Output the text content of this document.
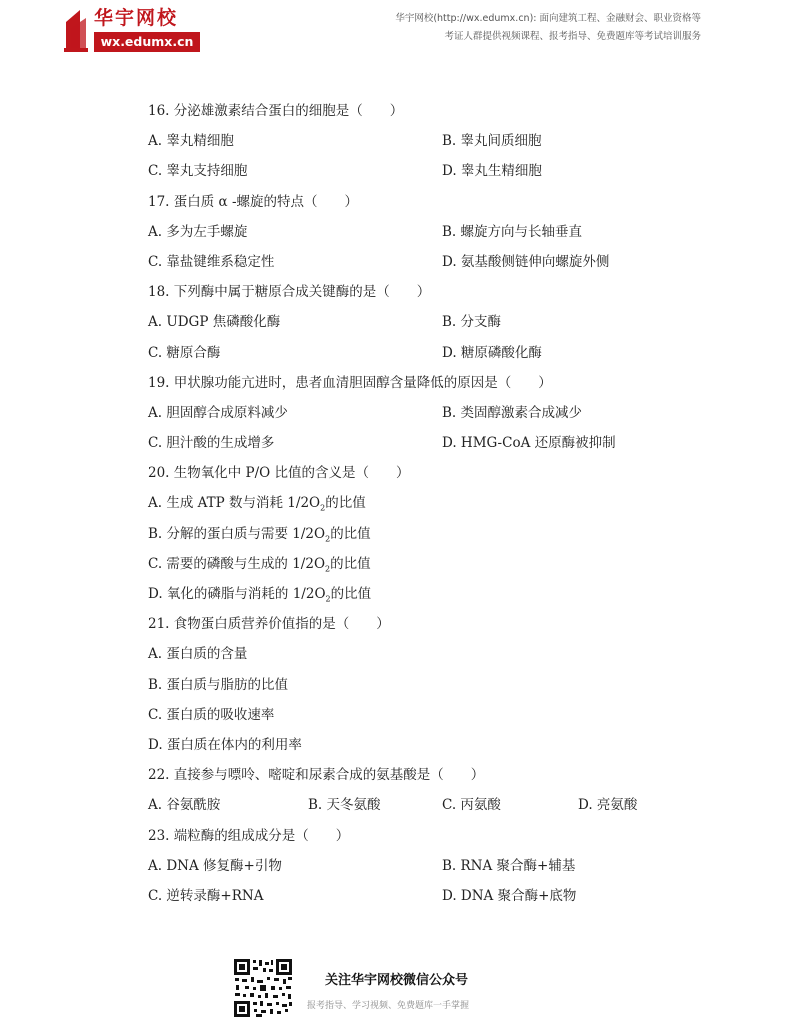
华宇网校
wx.edumx.cn
华宇网校(http://wx.edumx.cn): 面向建筑工程、金融财会、职业资格等
考证人群提供视频课程、报考指导、免费题库等考试培训服务
16. 分泌雄激素结合蛋白的细胞是（　　）
A. 睾丸精细胞	B. 睾丸间质细胞
C. 睾丸支持细胞	D. 睾丸生精细胞
17. 蛋白质 α -螺旋的特点（　　）
A. 多为左手螺旋	B. 螺旋方向与长轴垂直
C. 靠盐键维系稳定性	D. 氨基酸侧链伸向螺旋外侧
18. 下列酶中属于糖原合成关键酶的是（　　）
A. UDGP 焦磷酸化酶	B. 分支酶
C. 糖原合酶	D. 糖原磷酸化酶
19. 甲状腺功能亢进时，患者血清胆固醇含量降低的原因是（　　）
A. 胆固醇合成原料减少	B. 类固醇激素合成减少
C. 胆汁酸的生成增多	D. HMG-CoA 还原酶被抑制
20. 生物氧化中 P/O 比值的含义是（　　）
A. 生成 ATP 数与消耗 $1/2O_2$的比值
B. 分解的蛋白质与需要 $1/2O_2$的比值
C. 需要的磷酸与生成的 $1/2O_2$的比值
D. 氧化的磷脂与消耗的 $1/2O_2$的比值
21. 食物蛋白质营养价值指的是（　　）
A. 蛋白质的含量
B. 蛋白质与脂肪的比值
C. 蛋白质的吸收速率
D. 蛋白质在体内的利用率
22. 直接参与嘌呤、嘧啶和尿素合成的氨基酸是（　　）
A. 谷氨酰胺	B. 天冬氨酸	C. 丙氨酸	D. 亮氨酸
23. 端粒酶的组成成分是（　　）
A. DNA 修复酶+引物	B. RNA 聚合酶+辅基
C. 逆转录酶+RNA	D. DNA 聚合酶+底物
关注华宇网校微信公众号
报考指导、学习视频、免费题库一手掌握
